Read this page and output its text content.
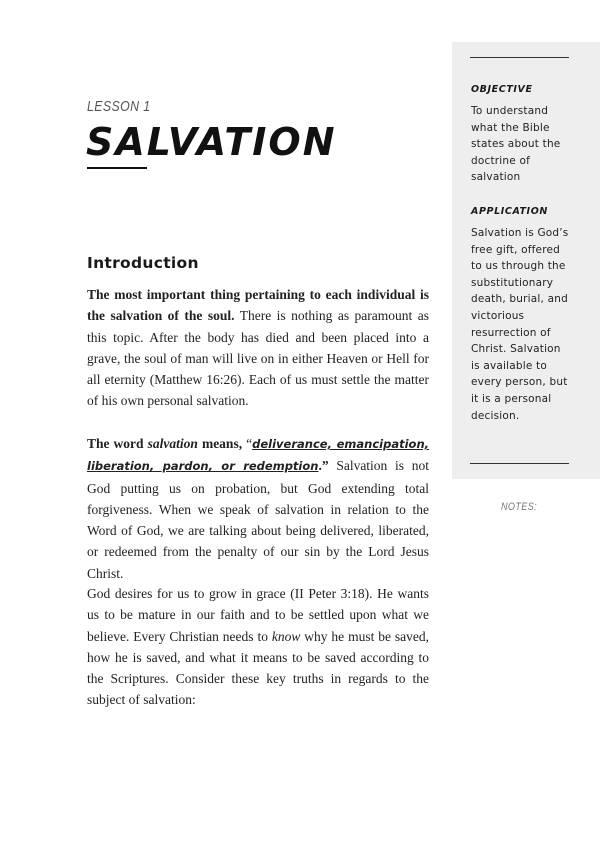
LESSON 1
SALVATION
Introduction

The most important thing pertaining to each individual is the salvation of the soul. There is nothing as paramount as this topic. After the body has died and been placed into a grave, the soul of man will live on in either Heaven or Hell for all eternity (Matthew 16:26). Each of us must settle the matter of his own personal salvation.

The word salvation means, “deliverance, emancipation, liberation, pardon, or redemption.” Salvation is not God putting us on probation, but God extending total forgiveness. When we speak of salvation in relation to the Word of God, we are talking about being delivered, liberated, or redeemed from the penalty of our sin by the Lord Jesus Christ.

God desires for us to grow in grace (II Peter 3:18). He wants us to be mature in our faith and to be settled upon what we believe. Every Christian needs to know why he must be saved, how he is saved, and what it means to be saved according to the Scriptures. Consider these key truths in regards to the subject of salvation:

OBJECTIVE
To understand what the Bible states about the doctrine of salvation
APPLICATION
Salvation is God’s free gift, offered to us through the substitutionary death, burial, and victorious resurrection of Christ. Salvation is available to every person, but it is a personal decision.
NOTES:
